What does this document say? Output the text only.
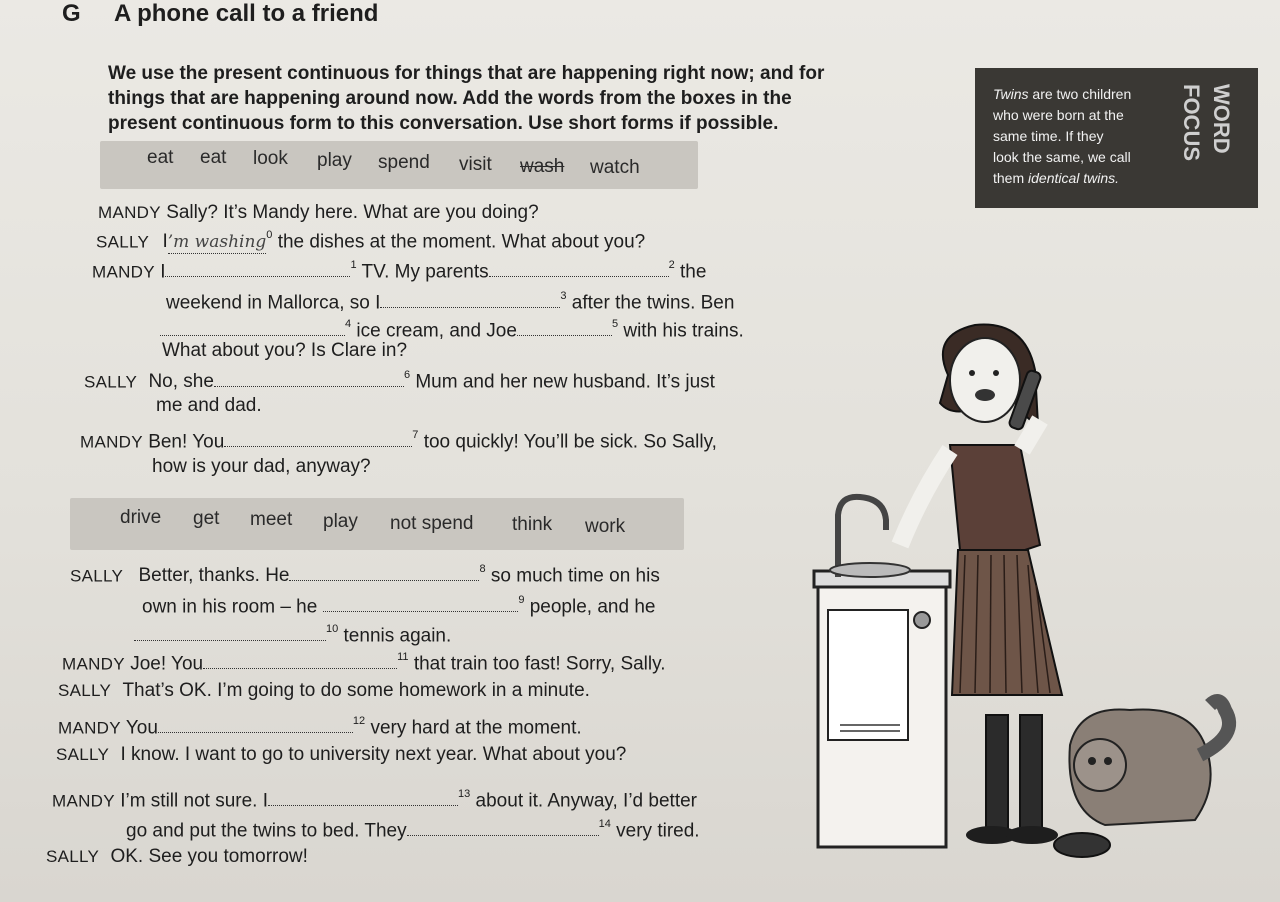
G A phone call to a friend
We use the present continuous for things that are happening right now; and for
things that are happening around now. Add the words from the boxes in the
present continuous form to this conversation. Use short forms if possible.
Twins are two children
who were born at the
same time. If they
look the same, we call
them identical twins.
WORD
FOCUS
eat eat look play spend visit wash watch
MANDY Sally? It’s Mandy here. What are you doing?
SALLY I’m washing$^0$ the dishes at the moment. What about you?
MANDY I	$^1$ TV. My parents	$^2$ the
weekend in Mallorca, so I	$^3$ after the twins. Ben
$^4$ ice cream, and Joe	$^5$ with his trains.
What about you? Is Clare in?
SALLY No, she	$^6$ Mum and her new husband. It’s just
me and dad.
MANDY Ben! You	$^7$ too quickly! You’ll be sick. So Sally,
how is your dad, anyway?
drive get meet play not spend think work
SALLY Better, thanks. He	$^8$ so much time on his
own in his room – he	$^9$ people, and he
$^{10}$ tennis again.
MANDY Joe! You	$^{11}$ that train too fast! Sorry, Sally.
SALLY That’s OK. I’m going to do some homework in a minute.
MANDY You	$^{12}$ very hard at the moment.
SALLY I know. I want to go to university next year. What about you?
MANDY I’m still not sure. I	$^{13}$ about it. Anyway, I’d better
go and put the twins to bed. They	$^{14}$ very tired.
SALLY OK. See you tomorrow!
